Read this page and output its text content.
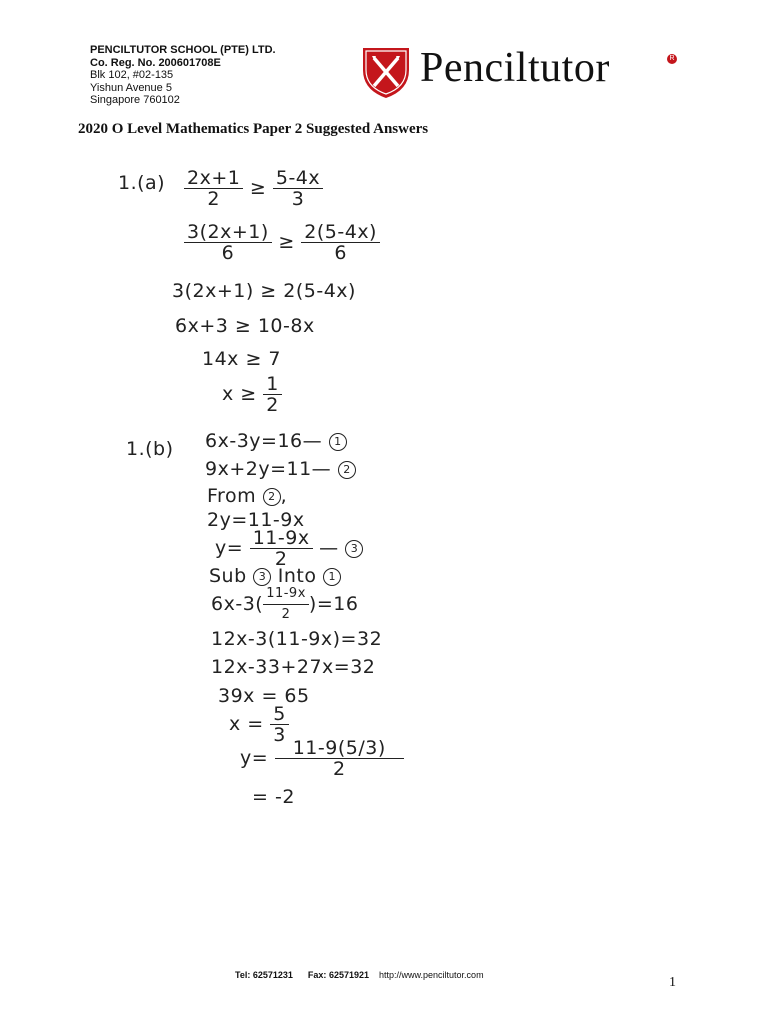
PENCILTUTOR SCHOOL (PTE) LTD.
Co. Reg. No. 200601708E
Blk 102, #02-135
Yishun Avenue 5
Singapore 760102
Penciltutor	R
2020 O Level Mathematics Paper 2 Suggested Answers
$1.(a) \frac{2x+1}{2} \ge \frac{5-4x}{3}$
$\frac{3(2x+1)}{6} \ge \frac{2(5-4x)}{6}$
3(2x+1) ≥ 2(5-4x)
6x+3 ≥ 10-8x
14x ≥ 7
$x \ge \frac{1}{2}$
1.(b) 6x-3y=16— 1
9x+2y=11— 2
From 2 ,
2y=11-9x
$y= \frac{11-9x}{2}$ — 3
Sub 3 Into 1
$6x-3( \frac{11-9x}{2} )=16$
12x-3(11-9x)=32
12x-33+27x=32
39x = 65
$x = \frac{5}{3}$
$y= \frac{11-9(5/3)}{2}$
= -2
Tel: 62571231 Fax: 62571921 http://www.penciltutor.com	1
